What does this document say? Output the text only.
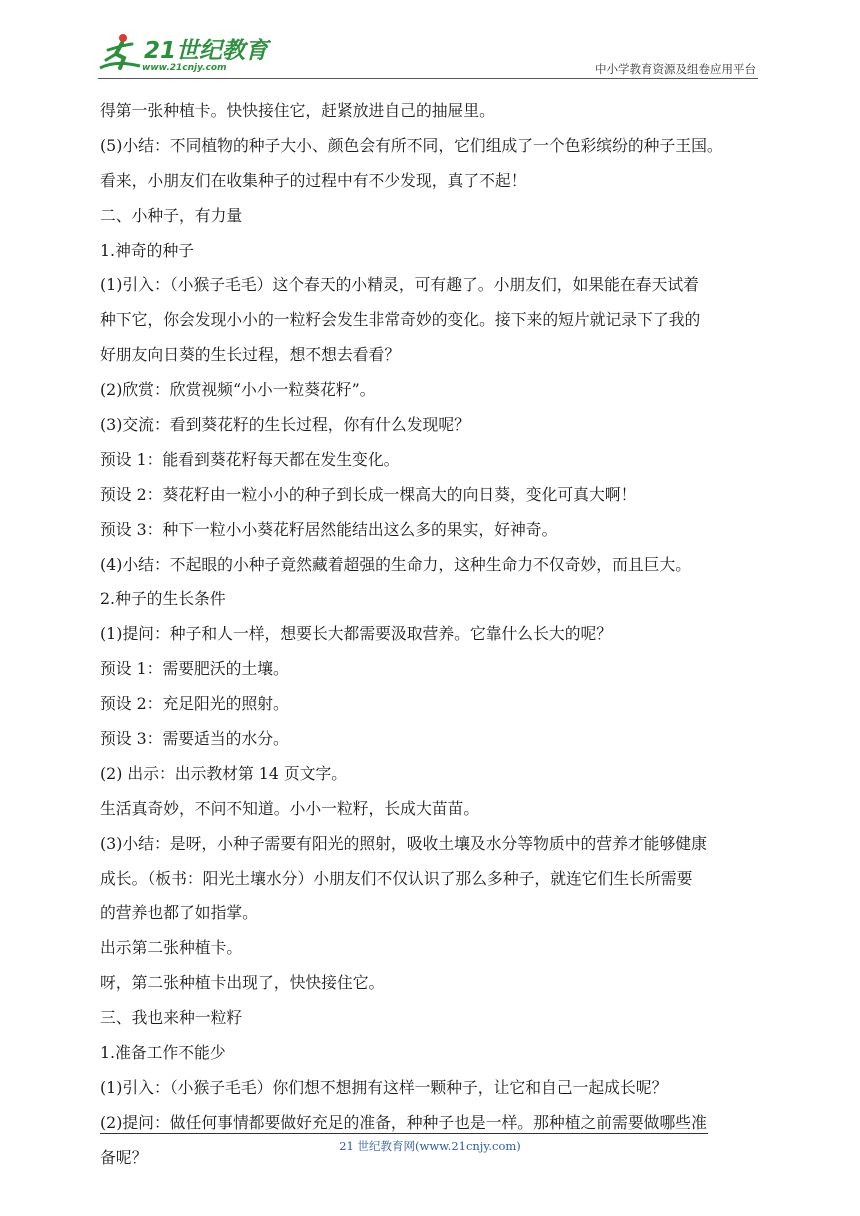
21世纪教育
www.21cnjy.com	中小学教育资源及组卷应用平台
得第一张种植卡。快快接住它，赶紧放进自己的抽屉里。
(5)小结：不同植物的种子大小、颜色会有所不同，它们组成了一个色彩缤纷的种子王国。
看来，小朋友们在收集种子的过程中有不少发现，真了不起！
二、小种子，有力量
1.神奇的种子
(1)引入：（小猴子毛毛）这个春天的小精灵，可有趣了。小朋友们，如果能在春天试着
种下它，你会发现小小的一粒籽会发生非常奇妙的变化。接下来的短片就记录下了我的
好朋友向日葵的生长过程，想不想去看看？
(2)欣赏：欣赏视频“小小一粒葵花籽”。
(3)交流：看到葵花籽的生长过程，你有什么发现呢？
预设 1：能看到葵花籽每天都在发生变化。
预设 2：葵花籽由一粒小小的种子到长成一棵高大的向日葵，变化可真大啊！
预设 3：种下一粒小小葵花籽居然能结出这么多的果实，好神奇。
(4)小结：不起眼的小种子竟然藏着超强的生命力，这种生命力不仅奇妙，而且巨大。
2.种子的生长条件
(1)提问：种子和人一样，想要长大都需要汲取营养。它靠什么长大的呢？
预设 1：需要肥沃的土壤。
预设 2：充足阳光的照射。
预设 3：需要适当的水分。
(2) 出示：出示教材第 14 页文字。
生活真奇妙，不问不知道。小小一粒籽，长成大苗苗。
(3)小结：是呀，小种子需要有阳光的照射，吸收土壤及水分等物质中的营养才能够健康
成长。（板书：阳光土壤水分）小朋友们不仅认识了那么多种子，就连它们生长所需要
的营养也都了如指掌。
出示第二张种植卡。
呀，第二张种植卡出现了，快快接住它。
三、我也来种一粒籽
1.准备工作不能少
(1)引入：（小猴子毛毛）你们想不想拥有这样一颗种子，让它和自己一起成长呢？
(2)提问：做任何事情都要做好充足的准备，种种子也是一样。那种植之前需要做哪些准
备呢？
21 世纪教育网(www.21cnjy.com)
